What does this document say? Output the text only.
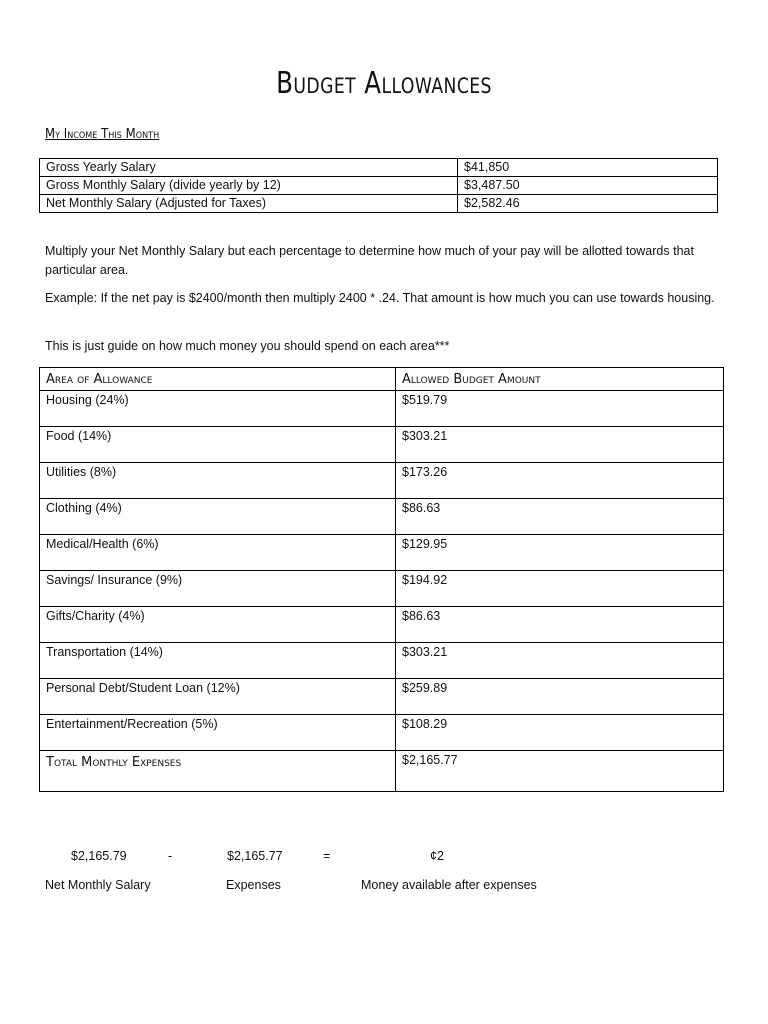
Budget Allowances
My Income This Month
Gross Yearly Salary	$41,850
Gross Monthly Salary (divide yearly by 12)	$3,487.50
Net Monthly Salary (Adjusted for Taxes)	$2,582.46
Multiply your Net Monthly Salary but each percentage to determine how much of your pay will be allotted towards that particular area.
Example: If the net pay is $2400/month then multiply 2400 * .24. That amount is how much you can use towards housing.
This is just guide on how much money you should spend on each area***
Area of Allowance	Allowed Budget Amount
Housing (24%)	$519.79
Food (14%)	$303.21
Utilities (8%)	$173.26
Clothing (4%)	$86.63
Medical/Health (6%)	$129.95
Savings/ Insurance (9%)	$194.92
Gifts/Charity (4%)	$86.63
Transportation (14%)	$303.21
Personal Debt/Student Loan (12%)	$259.89
Entertainment/Recreation (5%)	$108.29
Total Monthly Expenses	$2,165.77
$2,165.79	-	$2,165.77	=	¢2
Net Monthly Salary	Expenses	Money available after expenses
